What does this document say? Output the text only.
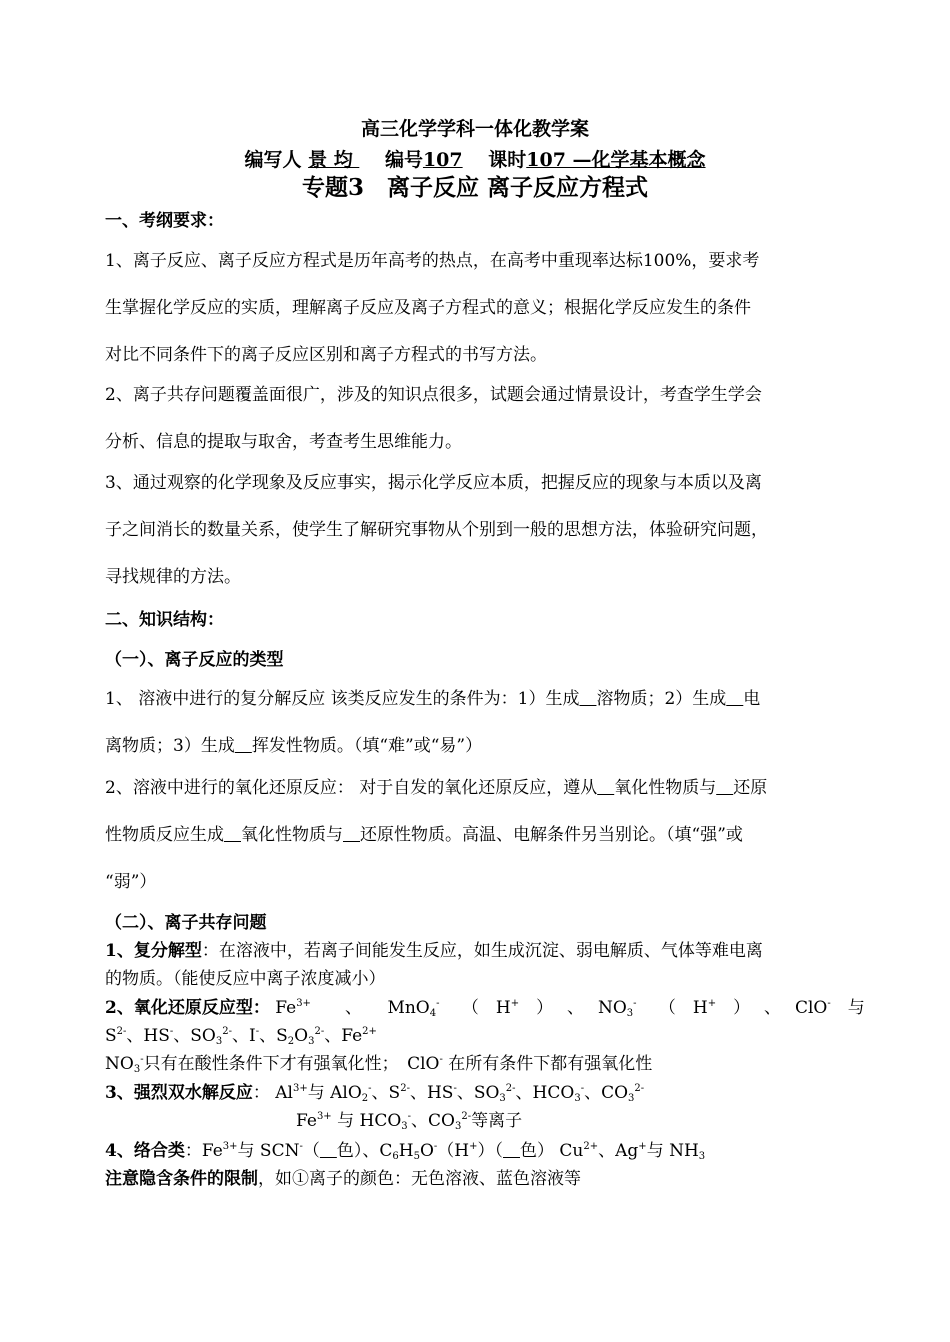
高三化学学科一体化教学案
编写人 景 均 　 编号107　 课时107 —化学基本概念
专题3　离子反应 离子反应方程式
一、考纲要求：
1、离子反应、离子反应方程式是历年高考的热点，在高考中重现率达标100%，要求考
生掌握化学反应的实质，理解离子反应及离子方程式的意义；根据化学反应发生的条件
对比不同条件下的离子反应区别和离子方程式的书写方法。
2、离子共存问题覆盖面很广，涉及的知识点很多，试题会通过情景设计，考查学生学会
分析、信息的提取与取舍，考查考生思维能力。
3、通过观察的化学现象及反应事实，揭示化学反应本质，把握反应的现象与本质以及离
子之间消长的数量关系，使学生了解研究事物从个别到一般的思想方法，体验研究问题，
寻找规律的方法。
二、知识结构：
（一）、离子反应的类型
1、 溶液中进行的复分解反应 该类反应发生的条件为：1）生成　 溶物质；2）生成　 电
离物质；3）生成　 挥发性物质。（填“难”或“易”）
2、溶液中进行的氧化还原反应： 对于自发的氧化还原反应，遵从　 氧化性物质与　 还原
性物质反应生成　 氧化性物质与　 还原性物质。高温、电解条件另当别论。（填“强”或
“弱”）
（二）、离子共存问题
1、复分解型：在溶液中，若离子间能发生反应，如生成沉淀、弱电解质、气体等难电离
的物质。（能使反应中离子浓度减小）
2、氧化还原反应型： $Fe^{3+}$　　 、　　 MnO$_4$-　 （　 H+　 ）　 、　 $NO_3^-$　 （　 H+　 ）　 、　 ClO-　 与
$S^{2-}$、HS-、$SO_3^{2-}$、I-、$S_2O_3^{2-}$、$Fe^{2+}$
$NO_3^-$只有在酸性条件下才有强氧化性；　ClO- 在所有条件下都有强氧化性
3、强烈双水解反应： $Al^{3+}$与 AlO$_2$-、$S^{2-}$、HS-、$SO_3^{2-}$、$HCO_3^-$、$CO_3^{2-}$
$Fe^{3+}$ 与 $HCO_3^-$、$CO_3^{2-}$等离子
4、络合类：$Fe^{3+}$与 SCN-（　 色）、$C_6H_5O^-(H^+)$（　 色） $Cu^{2+}$、Ag+与 $NH_3$
注意隐含条件的限制，如①离子的颜色：无色溶液、蓝色溶液等
